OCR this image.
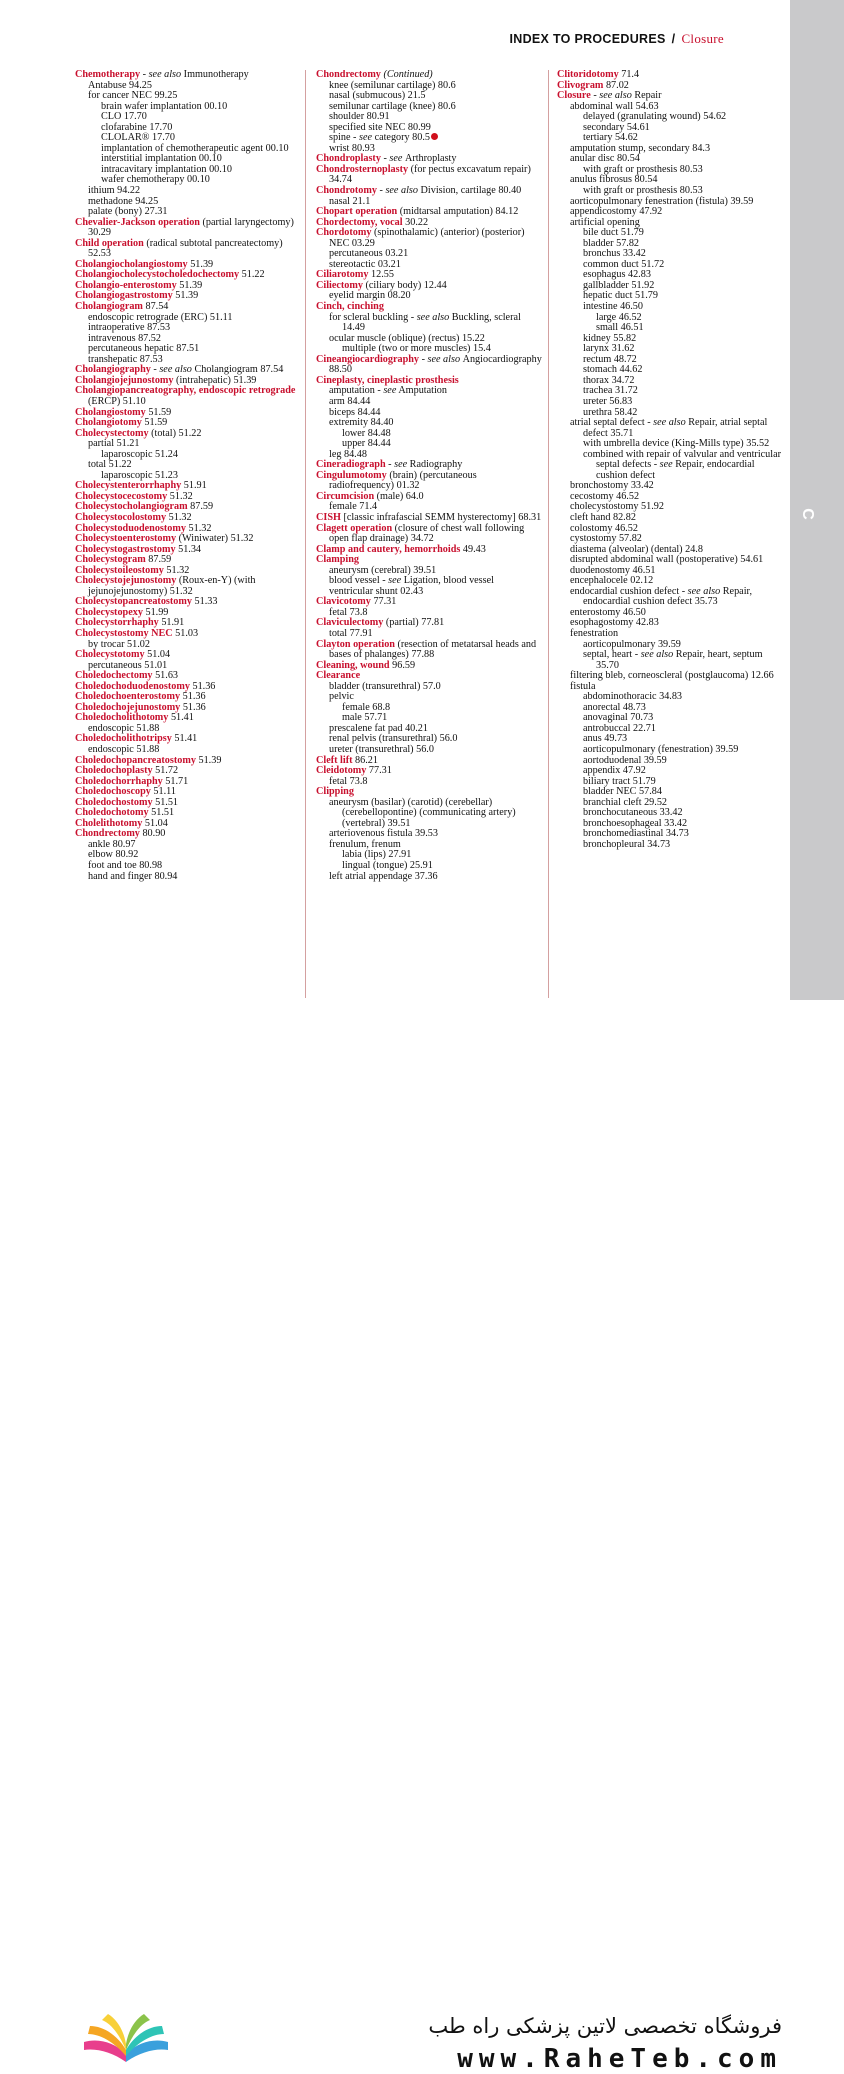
INDEX TO PROCEDURES / Closure

Chemotherapy - see also Immunotherapy

Antabuse 94.25

for cancer NEC 99.25

brain wafer implantation 00.10

CLO 17.70

clofarabine 17.70

CLOLAR® 17.70

implantation of chemotherapeutic agent 00.10

interstitial implantation 00.10

intracavitary implantation 00.10

wafer chemotherapy 00.10

ithium 94.22

methadone 94.25

palate (bony) 27.31

Chevalier-Jackson operation (partial laryngectomy) 30.29

Child operation (radical subtotal pancreatectomy) 52.53

Cholangiocholangiostomy 51.39

Cholangiocholecystocholedochectomy 51.22

Cholangio-enterostomy 51.39

Cholangiogastrostomy 51.39

Cholangiogram 87.54

endoscopic retrograde (ERC) 51.11

intraoperative 87.53

intravenous 87.52

percutaneous hepatic 87.51

transhepatic 87.53

Cholangiography - see also Cholangiogram 87.54

Cholangiojejunostomy (intrahepatic) 51.39

Cholangiopancreatography, endoscopic retrograde (ERCP) 51.10

Cholangiostomy 51.59

Cholangiotomy 51.59

Cholecystectomy (total) 51.22

partial 51.21

laparoscopic 51.24

total 51.22

laparoscopic 51.23

Cholecystenterorrhaphy 51.91

Cholecystocecostomy 51.32

Cholecystocholangiogram 87.59

Cholecystocolostomy 51.32

Cholecystoduodenostomy 51.32

Cholecystoenterostomy (Winiwater) 51.32

Cholecystogastrostomy 51.34

Cholecystogram 87.59

Cholecystoileostomy 51.32

Cholecystojejunostomy (Roux-en-Y) (with jejunojejunostomy) 51.32

Cholecystopancreatostomy 51.33

Cholecystopexy 51.99

Cholecystorrhaphy 51.91

Cholecystostomy NEC 51.03

by trocar 51.02

Cholecystotomy 51.04

percutaneous 51.01

Choledochectomy 51.63

Choledochoduodenostomy 51.36

Choledochoenterostomy 51.36

Choledochojejunostomy 51.36

Choledocholithotomy 51.41

endoscopic 51.88

Choledocholithotripsy 51.41

endoscopic 51.88

Choledochopancreatostomy 51.39

Choledochoplasty 51.72

Choledochorrhaphy 51.71

Choledochoscopy 51.11

Choledochostomy 51.51

Choledochotomy 51.51

Cholelithotomy 51.04

Chondrectomy 80.90

ankle 80.97

elbow 80.92

foot and toe 80.98

hand and finger 80.94

Chondrectomy (Continued)

knee (semilunar cartilage) 80.6

nasal (submucous) 21.5

semilunar cartilage (knee) 80.6

shoulder 80.91

specified site NEC 80.99

spine - see category 80.5

wrist 80.93

Chondroplasty - see Arthroplasty

Chondrosternoplasty (for pectus excavatum repair) 34.74

Chondrotomy - see also Division, cartilage 80.40

nasal 21.1

Chopart operation (midtarsal amputation) 84.12

Chordectomy, vocal 30.22

Chordotomy (spinothalamic) (anterior) (posterior) NEC 03.29

percutaneous 03.21

stereotactic 03.21

Ciliarotomy 12.55

Ciliectomy (ciliary body) 12.44

eyelid margin 08.20

Cinch, cinching

for scleral buckling - see also Buckling, scleral 14.49

ocular muscle (oblique) (rectus) 15.22

multiple (two or more muscles) 15.4

Cineangiocardiography - see also Angiocardiography 88.50

Cineplasty, cineplastic prosthesis

amputation - see Amputation

arm 84.44

biceps 84.44

extremity 84.40

lower 84.48

upper 84.44

leg 84.48

Cineradiograph - see Radiography

Cingulumotomy (brain) (percutaneous radiofrequency) 01.32

Circumcision (male) 64.0

female 71.4

CISH [classic infrafascial SEMM hysterectomy] 68.31

Clagett operation (closure of chest wall following open flap drainage) 34.72

Clamp and cautery, hemorrhoids 49.43

Clamping

aneurysm (cerebral) 39.51

blood vessel - see Ligation, blood vessel

ventricular shunt 02.43

Clavicotomy 77.31

fetal 73.8

Claviculectomy (partial) 77.81

total 77.91

Clayton operation (resection of metatarsal heads and bases of phalanges) 77.88

Cleaning, wound 96.59

Clearance

bladder (transurethral) 57.0

pelvic

female 68.8

male 57.71

prescalene fat pad 40.21

renal pelvis (transurethral) 56.0

ureter (transurethral) 56.0

Cleft lift 86.21

Cleidotomy 77.31

fetal 73.8

Clipping

aneurysm (basilar) (carotid) (cerebellar) (cerebellopontine) (communicating artery) (vertebral) 39.51

arteriovenous fistula 39.53

frenulum, frenum

labia (lips) 27.91

lingual (tongue) 25.91

left atrial appendage 37.36

Clitoridotomy 71.4

Clivogram 87.02

Closure - see also Repair

abdominal wall 54.63

delayed (granulating wound) 54.62

secondary 54.61

tertiary 54.62

amputation stump, secondary 84.3

anular disc 80.54

with graft or prosthesis 80.53

anulus fibrosus 80.54

with graft or prosthesis 80.53

aorticopulmonary fenestration (fistula) 39.59

appendicostomy 47.92

artificial opening

bile duct 51.79

bladder 57.82

bronchus 33.42

common duct 51.72

esophagus 42.83

gallbladder 51.92

hepatic duct 51.79

intestine 46.50

large 46.52

small 46.51

kidney 55.82

larynx 31.62

rectum 48.72

stomach 44.62

thorax 34.72

trachea 31.72

ureter 56.83

urethra 58.42

atrial septal defect - see also Repair, atrial septal defect 35.71

with umbrella device (King-Mills type) 35.52

combined with repair of valvular and ventricular septal defects - see Repair, endocardial cushion defect

bronchostomy 33.42

cecostomy 46.52

cholecystostomy 51.92

cleft hand 82.82

colostomy 46.52

cystostomy 57.82

diastema (alveolar) (dental) 24.8

disrupted abdominal wall (postoperative) 54.61

duodenostomy 46.51

encephalocele 02.12

endocardial cushion defect - see also Repair, endocardial cushion defect 35.73

enterostomy 46.50

esophagostomy 42.83

fenestration

aorticopulmonary 39.59

septal, heart - see also Repair, heart, septum 35.70

filtering bleb, corneoscleral (postglaucoma) 12.66

fistula

abdominothoracic 34.83

anorectal 48.73

anovaginal 70.73

antrobuccal 22.71

anus 49.73

aorticopulmonary (fenestration) 39.59

aortoduodenal 39.59

appendix 47.92

biliary tract 51.79

bladder NEC 57.84

branchial cleft 29.52

bronchocutaneous 33.42

bronchoesophageal 33.42

bronchomediastinal 34.73

bronchopleural 34.73

C
فروشگاه تخصصی لاتین پزشکی راه طب
www.RaheTeb.com
